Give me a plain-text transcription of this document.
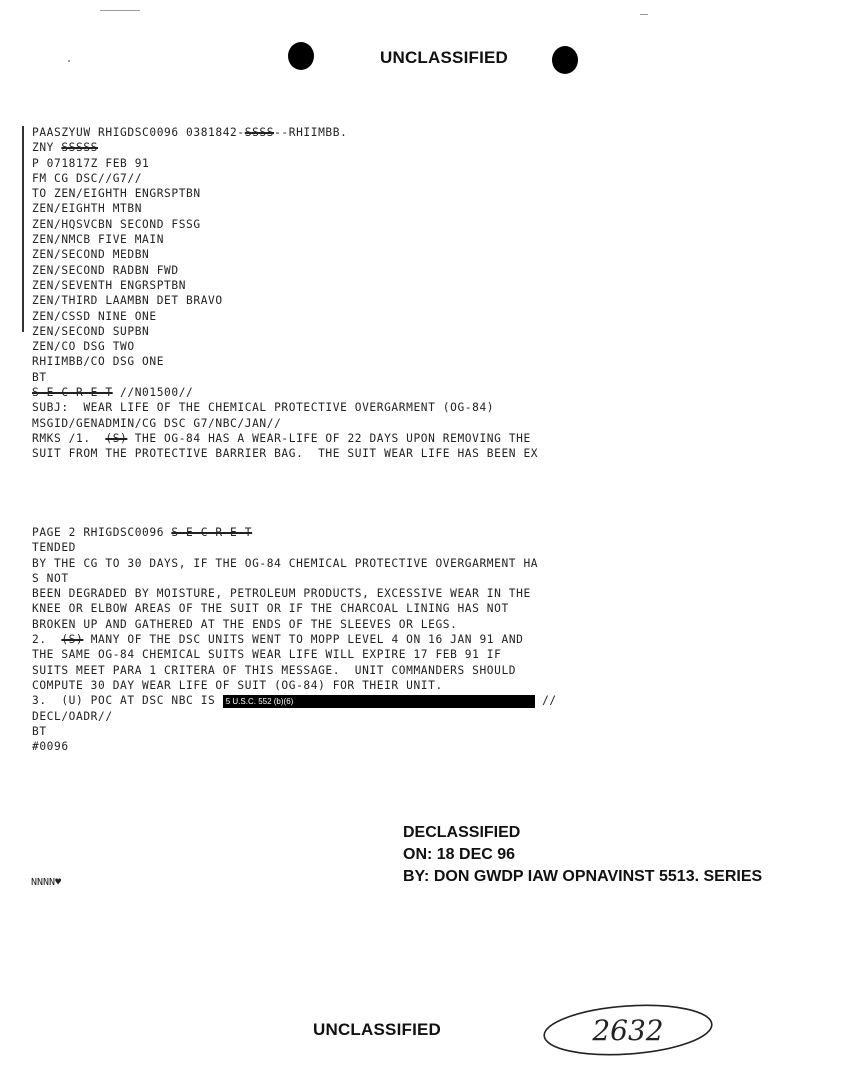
UNCLASSIFIED
PAASZYUW RHIGDSC0096 0381842-SSSS--RHIIMBB.
ZNY SSSSS
P 071817Z FEB 91
FM CG DSC//G7//
TO ZEN/EIGHTH ENGRSPTBN
ZEN/EIGHTH MTBN
ZEN/HQSVCBN SECOND FSSG
ZEN/NMCB FIVE MAIN
ZEN/SECOND MEDBN
ZEN/SECOND RADBN FWD
ZEN/SEVENTH ENGRSPTBN
ZEN/THIRD LAAMBN DET BRAVO
ZEN/CSSD NINE ONE
ZEN/SECOND SUPBN
ZEN/CO DSG TWO
RHIIMBB/CO DSG ONE
BT
S E C R E T //N01500//
SUBJ:  WEAR LIFE OF THE CHEMICAL PROTECTIVE OVERGARMENT (OG-84)
MSGID/GENADMIN/CG DSC G7/NBC/JAN//
RMKS /1.  (S) THE OG-84 HAS A WEAR-LIFE OF 22 DAYS UPON REMOVING THE
SUIT FROM THE PROTECTIVE BARRIER BAG.  THE SUIT WEAR LIFE HAS BEEN EX
PAGE 2 RHIGDSC0096 S E C R E T
TENDED
BY THE CG TO 30 DAYS, IF THE OG-84 CHEMICAL PROTECTIVE OVERGARMENT HA
S NOT
BEEN DEGRADED BY MOISTURE, PETROLEUM PRODUCTS, EXCESSIVE WEAR IN THE
KNEE OR ELBOW AREAS OF THE SUIT OR IF THE CHARCOAL LINING HAS NOT
BROKEN UP AND GATHERED AT THE ENDS OF THE SLEEVES OR LEGS.
2.  (S) MANY OF THE DSC UNITS WENT TO MOPP LEVEL 4 ON 16 JAN 91 AND
THE SAME OG-84 CHEMICAL SUITS WEAR LIFE WILL EXPIRE 17 FEB 91 IF
SUITS MEET PARA 1 CRITERA OF THIS MESSAGE.  UNIT COMMANDERS SHOULD
COMPUTE 30 DAY WEAR LIFE OF SUIT (OG-84) FOR THEIR UNIT.
3.  (U) POC AT DSC NBC IS 5 U.S.C. 552 (b)(6)	//
DECL/OADR//
BT
#0096
DECLASSIFIED
ON: 18 DEC 96
BY: DON GWDP IAW OPNAVINST 5513. SERIES
NNNN♥
UNCLASSIFIED	2632
